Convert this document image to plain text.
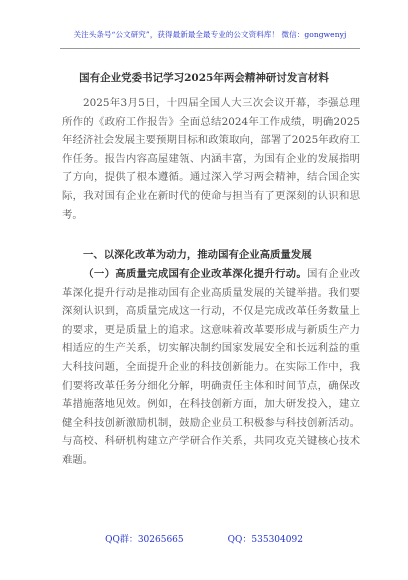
关注头条号“公文研究”，获得最新最全最专业的公文资料库！ 微信：gongwenyj
国有企业党委书记学习2025年两会精神研讨发言材料

2025年3月5日，十四届全国人大三次会议开幕，李强总理所作的《政府工作报告》全面总结2024年工作成绩，明确2025年经济社会发展主要预期目标和政策取向，部署了2025年政府工作任务。报告内容高屋建瓴、内涵丰富，为国有企业的发展指明了方向，提供了根本遵循。通过深入学习两会精神，结合国企实际，我对国有企业在新时代的使命与担当有了更深刻的认识和思考。

一、以深化改革为动力，推动国有企业高质量发展

（一）高质量完成国有企业改革深化提升行动。国有企业改革深化提升行动是推动国有企业高质量发展的关键举措。我们要深刻认识到，高质量完成这一行动，不仅是完成改革任务数量上的要求，更是质量上的追求。这意味着改革要形成与新质生产力相适应的生产关系，切实解决制约国家发展安全和长远利益的重大科技问题，全面提升企业的科技创新能力。在实际工作中，我们要将改革任务分细化分解，明确责任主体和时间节点，确保改革措施落地见效。例如，在科技创新方面，加大研发投入，建立健全科技创新激励机制，鼓励企业员工积极参与科技创新活动。与高校、科研机构建立产学研合作关系，共同攻克关键核心技术难题。

QQ群：30265665	QQ：535304092
